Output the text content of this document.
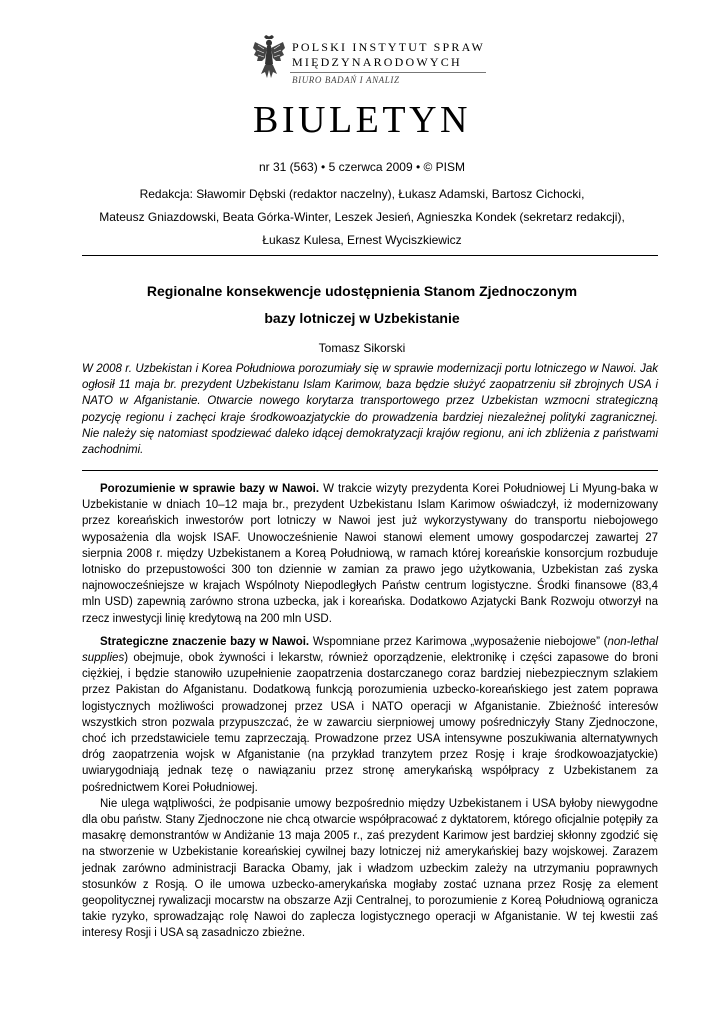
POLSKI INSTYTUT SPRAW
MIĘDZYNARODOWYCH
BIURO BADAŃ I ANALIZ
BIULETYN
nr 31 (563) • 5 czerwca 2009 • © PISM
Redakcja: Sławomir Dębski (redaktor naczelny), Łukasz Adamski, Bartosz Cichocki,
Mateusz Gniazdowski, Beata Górka-Winter, Leszek Jesień, Agnieszka Kondek (sekretarz redakcji),
Łukasz Kulesa, Ernest Wyciszkiewicz
Regionalne konsekwencje udostępnienia Stanom Zjednoczonym
bazy lotniczej w Uzbekistanie
Tomasz Sikorski

W 2008 r. Uzbekistan i Korea Południowa porozumiały się w sprawie modernizacji portu lotniczego w Nawoi. Jak ogłosił 11 maja br. prezydent Uzbekistanu Islam Karimow, baza będzie służyć zaopatrzeniu sił zbrojnych USA i NATO w Afganistanie. Otwarcie nowego korytarza transportowego przez Uzbekistan wzmocni strategiczną pozycję regionu i zachęci kraje środkowoazjatyckie do prowadzenia bardziej niezależnej polityki zagranicznej. Nie należy się natomiast spodziewać daleko idącej demokratyzacji krajów regionu, ani ich zbliżenia z państwami zachodnimi.

Porozumienie w sprawie bazy w Nawoi. W trakcie wizyty prezydenta Korei Południowej Li Myung-baka w Uzbekistanie w dniach 10–12 maja br., prezydent Uzbekistanu Islam Karimow oświadczył, iż modernizowany przez koreańskich inwestorów port lotniczy w Nawoi jest już wykorzystywany do transportu niebojowego wyposażenia dla wojsk ISAF. Unowocześnienie Nawoi stanowi element umowy gospodarczej zawartej 27 sierpnia 2008 r. między Uzbekistanem a Koreą Południową, w ramach której koreańskie konsorcjum rozbuduje lotnisko do przepustowości 300 ton dziennie w zamian za prawo jego użytkowania, Uzbekistan zaś zyska najnowocześniejsze w krajach Wspólnoty Niepodległych Państw centrum logistyczne. Środki finansowe (83,4 mln USD) zapewnią zarówno strona uzbecka, jak i koreańska. Dodatkowo Azjatycki Bank Rozwoju otworzył na rzecz inwestycji linię kredytową na 200 mln USD.

Strategiczne znaczenie bazy w Nawoi. Wspomniane przez Karimowa „wyposażenie niebojowe” (non-lethal supplies) obejmuje, obok żywności i lekarstw, również oporządzenie, elektronikę i części zapasowe do broni ciężkiej, i będzie stanowiło uzupełnienie zaopatrzenia dostarczanego coraz bardziej niebezpiecznym szlakiem przez Pakistan do Afganistanu. Dodatkową funkcją porozumienia uzbecko-koreańskiego jest zatem poprawa logistycznych możliwości prowadzonej przez USA i NATO operacji w Afganistanie. Zbieżność interesów wszystkich stron pozwala przypuszczać, że w zawarciu sierpniowej umowy pośredniczyły Stany Zjednoczone, choć ich przedstawiciele temu zaprzeczają. Prowadzone przez USA intensywne poszukiwania alternatywnych dróg zaopatrzenia wojsk w Afganistanie (na przykład tranzytem przez Rosję i kraje środkowoazjatyckie) uwiarygodniają jednak tezę o nawiązaniu przez stronę amerykańską współpracy z Uzbekistanem za pośrednictwem Korei Południowej.

Nie ulega wątpliwości, że podpisanie umowy bezpośrednio między Uzbekistanem i USA byłoby niewygodne dla obu państw. Stany Zjednoczone nie chcą otwarcie współpracować z dyktatorem, którego oficjalnie potępiły za masakrę demonstrantów w Andiżanie 13 maja 2005 r., zaś prezydent Karimow jest bardziej skłonny zgodzić się na stworzenie w Uzbekistanie koreańskiej cywilnej bazy lotniczej niż amerykańskiej bazy wojskowej. Zarazem jednak zarówno administracji Baracka Obamy, jak i władzom uzbeckim zależy na utrzymaniu poprawnych stosunków z Rosją. O ile umowa uzbecko-amerykańska mogłaby zostać uznana przez Rosję za element geopolitycznej rywalizacji mocarstw na obszarze Azji Centralnej, to porozumienie z Koreą Południową ogranicza takie ryzyko, sprowadzając rolę Nawoi do zaplecza logistycznego operacji w Afganistanie. W tej kwestii zaś interesy Rosji i USA są zasadniczo zbieżne.
